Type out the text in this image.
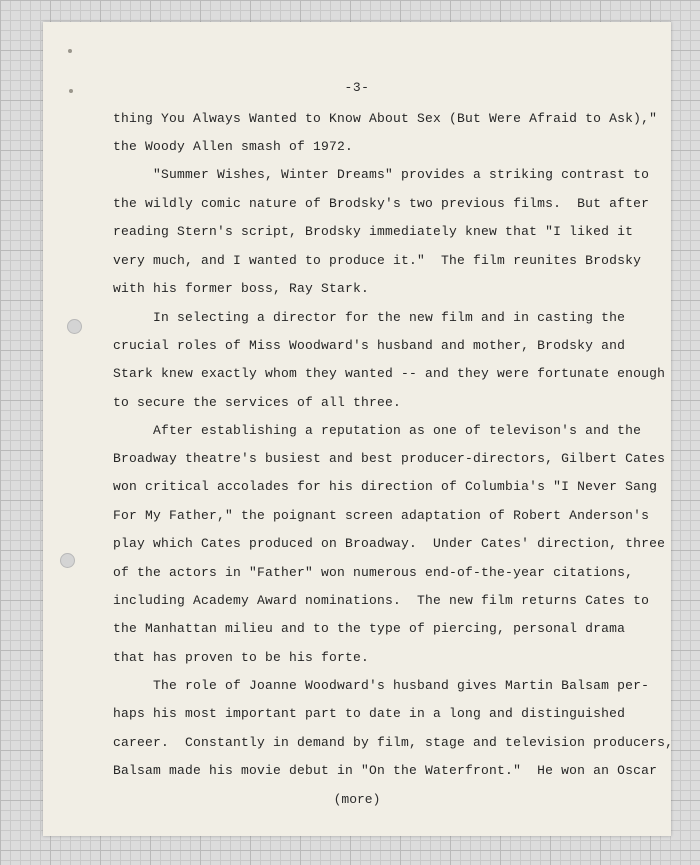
-3-
thing You Always Wanted to Know About Sex (But Were Afraid to Ask),"
the Woody Allen smash of 1972.
"Summer Wishes, Winter Dreams" provides a striking contrast to
the wildly comic nature of Brodsky's two previous films.  But after
reading Stern's script, Brodsky immediately knew that "I liked it
very much, and I wanted to produce it."  The film reunites Brodsky
with his former boss, Ray Stark.
In selecting a director for the new film and in casting the
crucial roles of Miss Woodward's husband and mother, Brodsky and
Stark knew exactly whom they wanted -- and they were fortunate enough
to secure the services of all three.
After establishing a reputation as one of televison's and the
Broadway theatre's busiest and best producer-directors, Gilbert Cates
won critical accolades for his direction of Columbia's "I Never Sang
For My Father," the poignant screen adaptation of Robert Anderson's
play which Cates produced on Broadway.  Under Cates' direction, three
of the actors in "Father" won numerous end-of-the-year citations,
including Academy Award nominations.  The new film returns Cates to
the Manhattan milieu and to the type of piercing, personal drama
that has proven to be his forte.
The role of Joanne Woodward's husband gives Martin Balsam per-
haps his most important part to date in a long and distinguished
career.  Constantly in demand by film, stage and television producers,
Balsam made his movie debut in "On the Waterfront."  He won an Oscar
(more)
